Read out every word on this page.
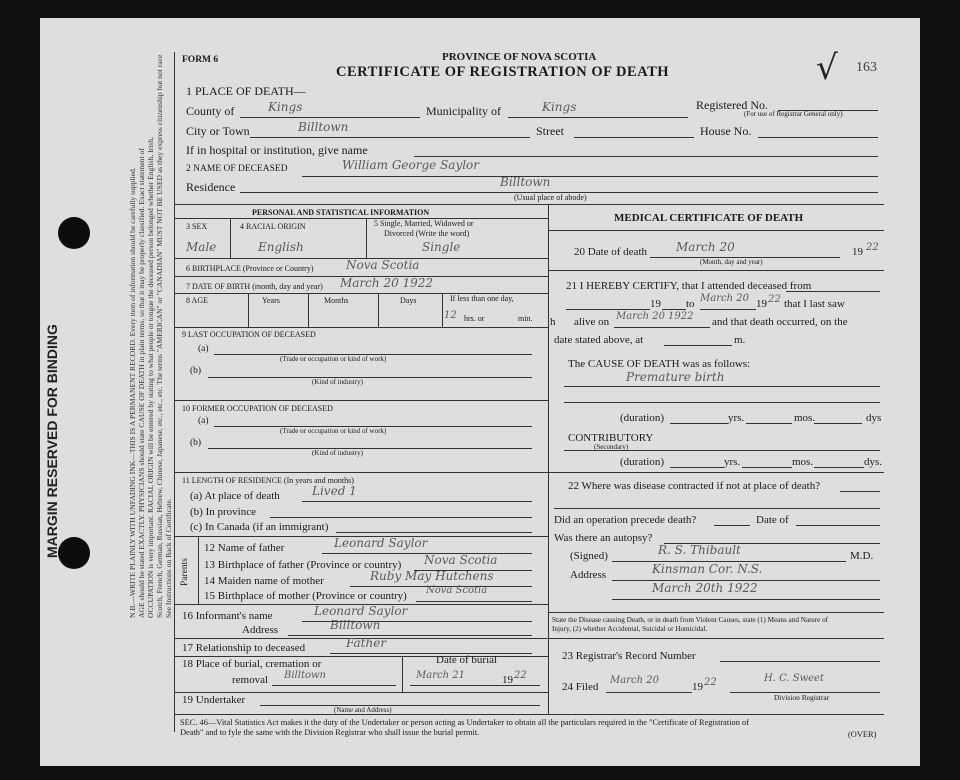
MARGIN RESERVED FOR BINDING	N.B.—WRITE PLAINLY WITH UNFADING INK—THIS IS A PERMANENT RECORD. Every item of information should be carefully supplied. AGE should be stated EXACTLY. PHYSICIANS should state CAUSE OF DEATH in plain terms, so that it may be properly classified. Exact statement of OCCUPATION is very important. RACIAL ORIGIN will be entered by stating to what people or tongue the deceased person belonged whether English, Irish, Scotch, French, German, Russian, Hebrew, Chinese, Japanese, etc., etc., etc. The terms "AMERICAN" or "CANADIAN" MUST NOT BE USED as they express citizenship but not race See Instructions on Back of Certificate.
FORM 6	PROVINCE OF NOVA SCOTIA
CERTIFICATE OF REGISTRATION OF DEATH	√ 163
1 PLACE OF DEATH—
County of	Kings	Municipality of	Kings	Registered No.
(For use of Registrar General only)
City or Town	Billtown	Street	House No.
If in hospital or institution, give name
2 NAME OF DECEASED	William George Saylor
Residence	Billtown
(Usual place of abode)
PERSONAL AND STATISTICAL INFORMATION
3 SEX	4 RACIAL ORIGIN	5 Single, Married, Widowed or
Divorced (Write the word)
Male	English	Single
6 BIRTHPLACE (Province or Country)	Nova Scotia
7 DATE OF BIRTH (month, day and year) March 20 1922
8 AGE	Years	Months	Days	If less than one day,
12 hrs. or	min.
9 LAST OCCUPATION OF DECEASED
(a)
(Trade or occupation or kind of work)
(b)
(Kind of industry)
10 FORMER OCCUPATION OF DECEASED
(a)
(Trade or occupation or kind of work)
(b)
(Kind of industry)
11 LENGTH OF RESIDENCE (In years and months)
(a) At place of death	Lived 1
(b) In province
(c) In Canada (if an immigrant)
Parents
12 Name of father	Leonard Saylor
13 Birthplace of father (Province or country) Nova Scotia
14 Maiden name of mother	Ruby May Hutchens
15 Birthplace of mother (Province or country) Nova Scotia
16 Informant's name	Leonard Saylor
Address	Billtown
17 Relationship to deceased	Father
18 Place of burial, cremation or
removal Billtown
Date of burial
March 21	19 22
19 Undertaker
(Name and Address)
MEDICAL CERTIFICATE OF DEATH
20 Date of death March 20	19 22
(Month, day and year)
21 I HEREBY CERTIFY, that I attended deceased from
19 to March 20 19 22 that I last saw
h alive on March 20 1922 and that death occurred, on the
date stated above, at	m.
The CAUSE OF DEATH was as follows:
Premature birth
(duration)	yrs.	mos.	dys
CONTRIBUTORY
(Secondary)
(duration)	yrs.	mos.	dys.
22 Where was disease contracted if not at place of death?
Did an operation precede death?	Date of
Was there an autopsy?
(Signed)	R. S. Thibault	M.D.
Address	Kinsman Cor. N.S.
March 20th 1922
State the Disease causing Death, or in death from Violent Causes, state (1) Means and Nature of
Injury, (2) whether Accidental, Suicidal or Homicidal.
23 Registrar's Record Number
24 Filed
March 20
19 22	H. C. Sweet
Division Registrar
SEC. 46—Vital Statistics Act makes it the duty of the Undertaker or person acting as Undertaker to obtain all the particulars required in the "Certificate of Registration of
Death" and to fyle the same with the Division Registrar who shall issue the burial permit.	(OVER)
